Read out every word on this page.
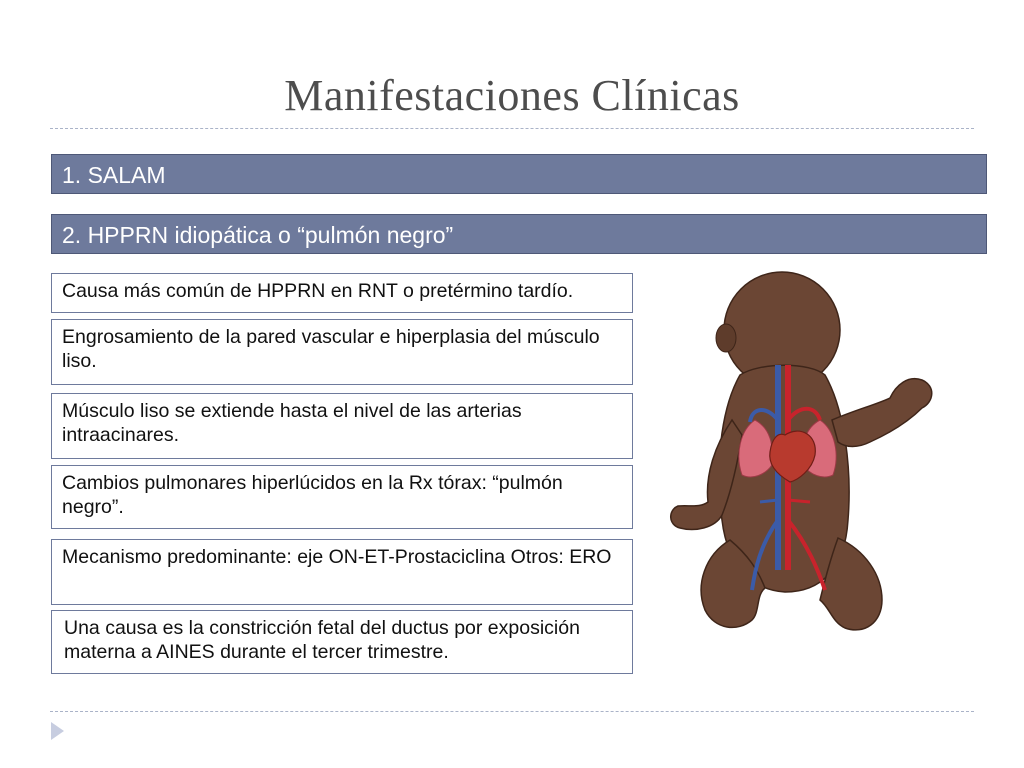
Manifestaciones Clínicas
1. SALAM
2. HPPRN idiopática o “pulmón negro”
Causa más común de HPPRN en RNT o pretérmino tardío.
Engrosamiento de la pared vascular e hiperplasia del músculo liso.
Músculo liso se extiende hasta el nivel de las arterias intraacinares.
Cambios pulmonares hiperlúcidos en la Rx tórax: “pulmón negro”.
Mecanismo predominante: eje ON-ET-Prostaciclina Otros: ERO
Una causa es la constricción fetal del ductus por exposición materna a AINES durante el tercer trimestre.
